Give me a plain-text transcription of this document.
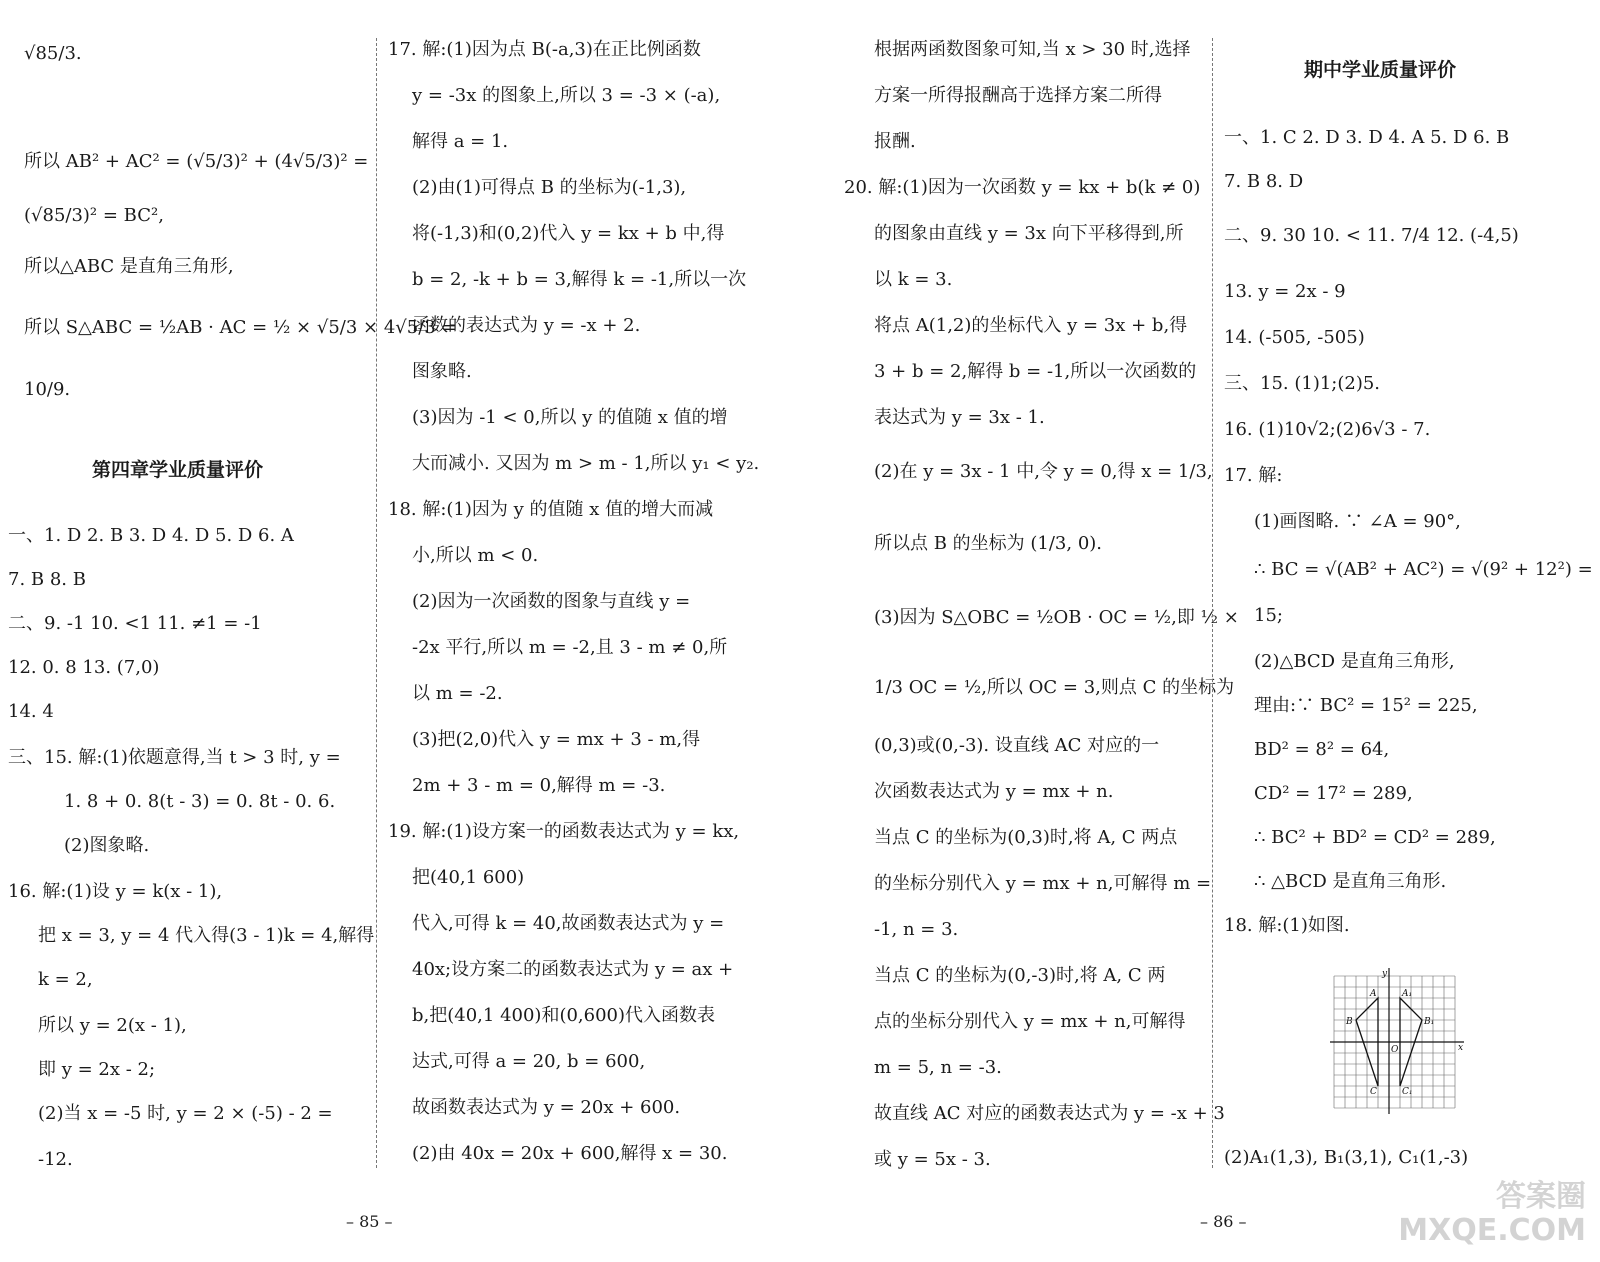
√85/3.
所以 AB² + AC² = (√5/3)² + (4√5/3)² =
(√85/3)² = BC²,
所以△ABC 是直角三角形,
所以 S△ABC = ½AB · AC = ½ × √5/3 × 4√5/3 =
10/9.
第四章学业质量评价
一、1. D 2. B 3. D 4. D 5. D 6. A
7. B 8. B
二、9. -1 10. <1 11. ≠1 = -1
12. 0. 8 13. (7,0)
14. 4
三、15. 解:(1)依题意得,当 t > 3 时, y =
1. 8 + 0. 8(t - 3) = 0. 8t - 0. 6.
(2)图象略.
16. 解:(1)设 y = k(x - 1),
把 x = 3, y = 4 代入得(3 - 1)k = 4,解得
k = 2,
所以 y = 2(x - 1),
即 y = 2x - 2;
(2)当 x = -5 时, y = 2 × (-5) - 2 =
-12.
17. 解:(1)因为点 B(-a,3)在正比例函数
y = -3x 的图象上,所以 3 = -3 × (-a),
解得 a = 1.
(2)由(1)可得点 B 的坐标为(-1,3),
将(-1,3)和(0,2)代入 y = kx + b 中,得
b = 2, -k + b = 3,解得 k = -1,所以一次
函数的表达式为 y = -x + 2.
图象略.
(3)因为 -1 < 0,所以 y 的值随 x 值的增
大而减小. 又因为 m > m - 1,所以 y₁ < y₂.
18. 解:(1)因为 y 的值随 x 值的增大而减
小,所以 m < 0.
(2)因为一次函数的图象与直线 y =
-2x 平行,所以 m = -2,且 3 - m ≠ 0,所
以 m = -2.
(3)把(2,0)代入 y = mx + 3 - m,得
2m + 3 - m = 0,解得 m = -3.
19. 解:(1)设方案一的函数表达式为 y = kx,
把(40,1 600)
代入,可得 k = 40,故函数表达式为 y =
40x;设方案二的函数表达式为 y = ax +
b,把(40,1 400)和(0,600)代入函数表
达式,可得 a = 20, b = 600,
故函数表达式为 y = 20x + 600.
(2)由 40x = 20x + 600,解得 x = 30.
根据两函数图象可知,当 x > 30 时,选择
方案一所得报酬高于选择方案二所得
报酬.
20. 解:(1)因为一次函数 y = kx + b(k ≠ 0)
的图象由直线 y = 3x 向下平移得到,所
以 k = 3.
将点 A(1,2)的坐标代入 y = 3x + b,得
3 + b = 2,解得 b = -1,所以一次函数的
表达式为 y = 3x - 1.
(2)在 y = 3x - 1 中,令 y = 0,得 x = 1/3,
所以点 B 的坐标为 (1/3, 0).
(3)因为 S△OBC = ½OB · OC = ½,即 ½ ×
1/3 OC = ½,所以 OC = 3,则点 C 的坐标为
(0,3)或(0,-3). 设直线 AC 对应的一
次函数表达式为 y = mx + n.
当点 C 的坐标为(0,3)时,将 A, C 两点
的坐标分别代入 y = mx + n,可解得 m =
-1, n = 3.
当点 C 的坐标为(0,-3)时,将 A, C 两
点的坐标分别代入 y = mx + n,可解得
m = 5, n = -3.
故直线 AC 对应的函数表达式为 y = -x + 3
或 y = 5x - 3.
期中学业质量评价
一、1. C 2. D 3. D 4. A 5. D 6. B
7. B 8. D
二、9. 30 10. < 11. 7/4 12. (-4,5)
13. y = 2x - 9
14. (-505, -505)
三、15. (1)1;(2)5.
16. (1)10√2;(2)6√3 - 7.
17. 解:
(1)画图略. ∵ ∠A = 90°,
∴ BC = √(AB² + AC²) = √(9² + 12²) =
15;
(2)△BCD 是直角三角形,
理由:∵ BC² = 15² = 225,
BD² = 8² = 64,
CD² = 17² = 289,
∴ BC² + BD² = CD² = 289,
∴ △BCD 是直角三角形.
18. 解:(1)如图.
(2)A₁(1,3), B₁(3,1), C₁(1,-3)
y
x
O
A	A₁
B	B₁
C	C₁
– 85 –	– 86 –
答案圈
MXQE.COM
